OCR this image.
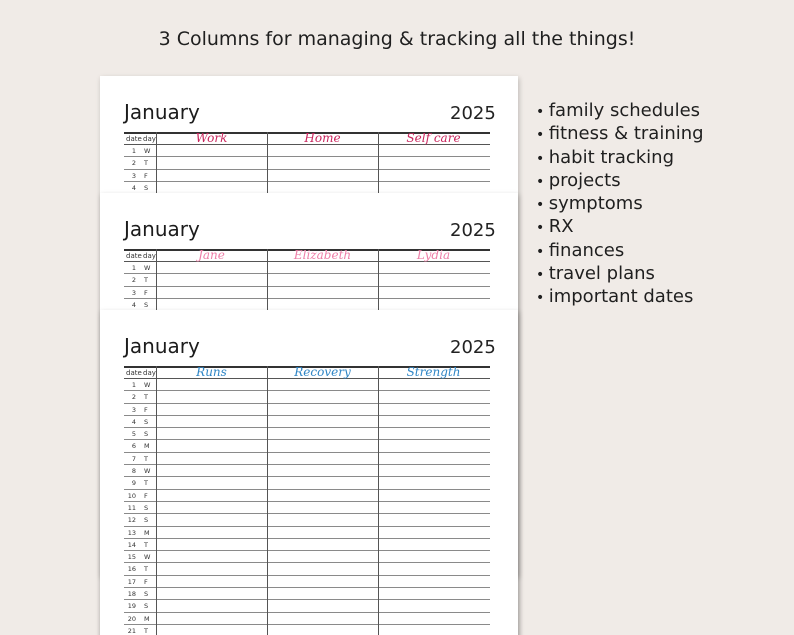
3 Columns for managing & tracking all the things!
January	2025
date day	Work	Home	Self care
1 W
2 T
3 F
4 S
January	2025
date day	Jane	Elizabeth	Lydia
1 W
2 T
3 F
4 S
January	2025
date day	Runs	Recovery	Strength
1 W
2 T
3 F
4 S
5 S
6 M
7 T
8 W
9 T
10 F
11 S
12 S
13 M
14 T
15 W
16 T
17 F
18 S
19 S
20 M
21 T
• family schedules
• fitness & training
• habit tracking
• projects
• symptoms
• RX
• finances
• travel plans
• important dates
